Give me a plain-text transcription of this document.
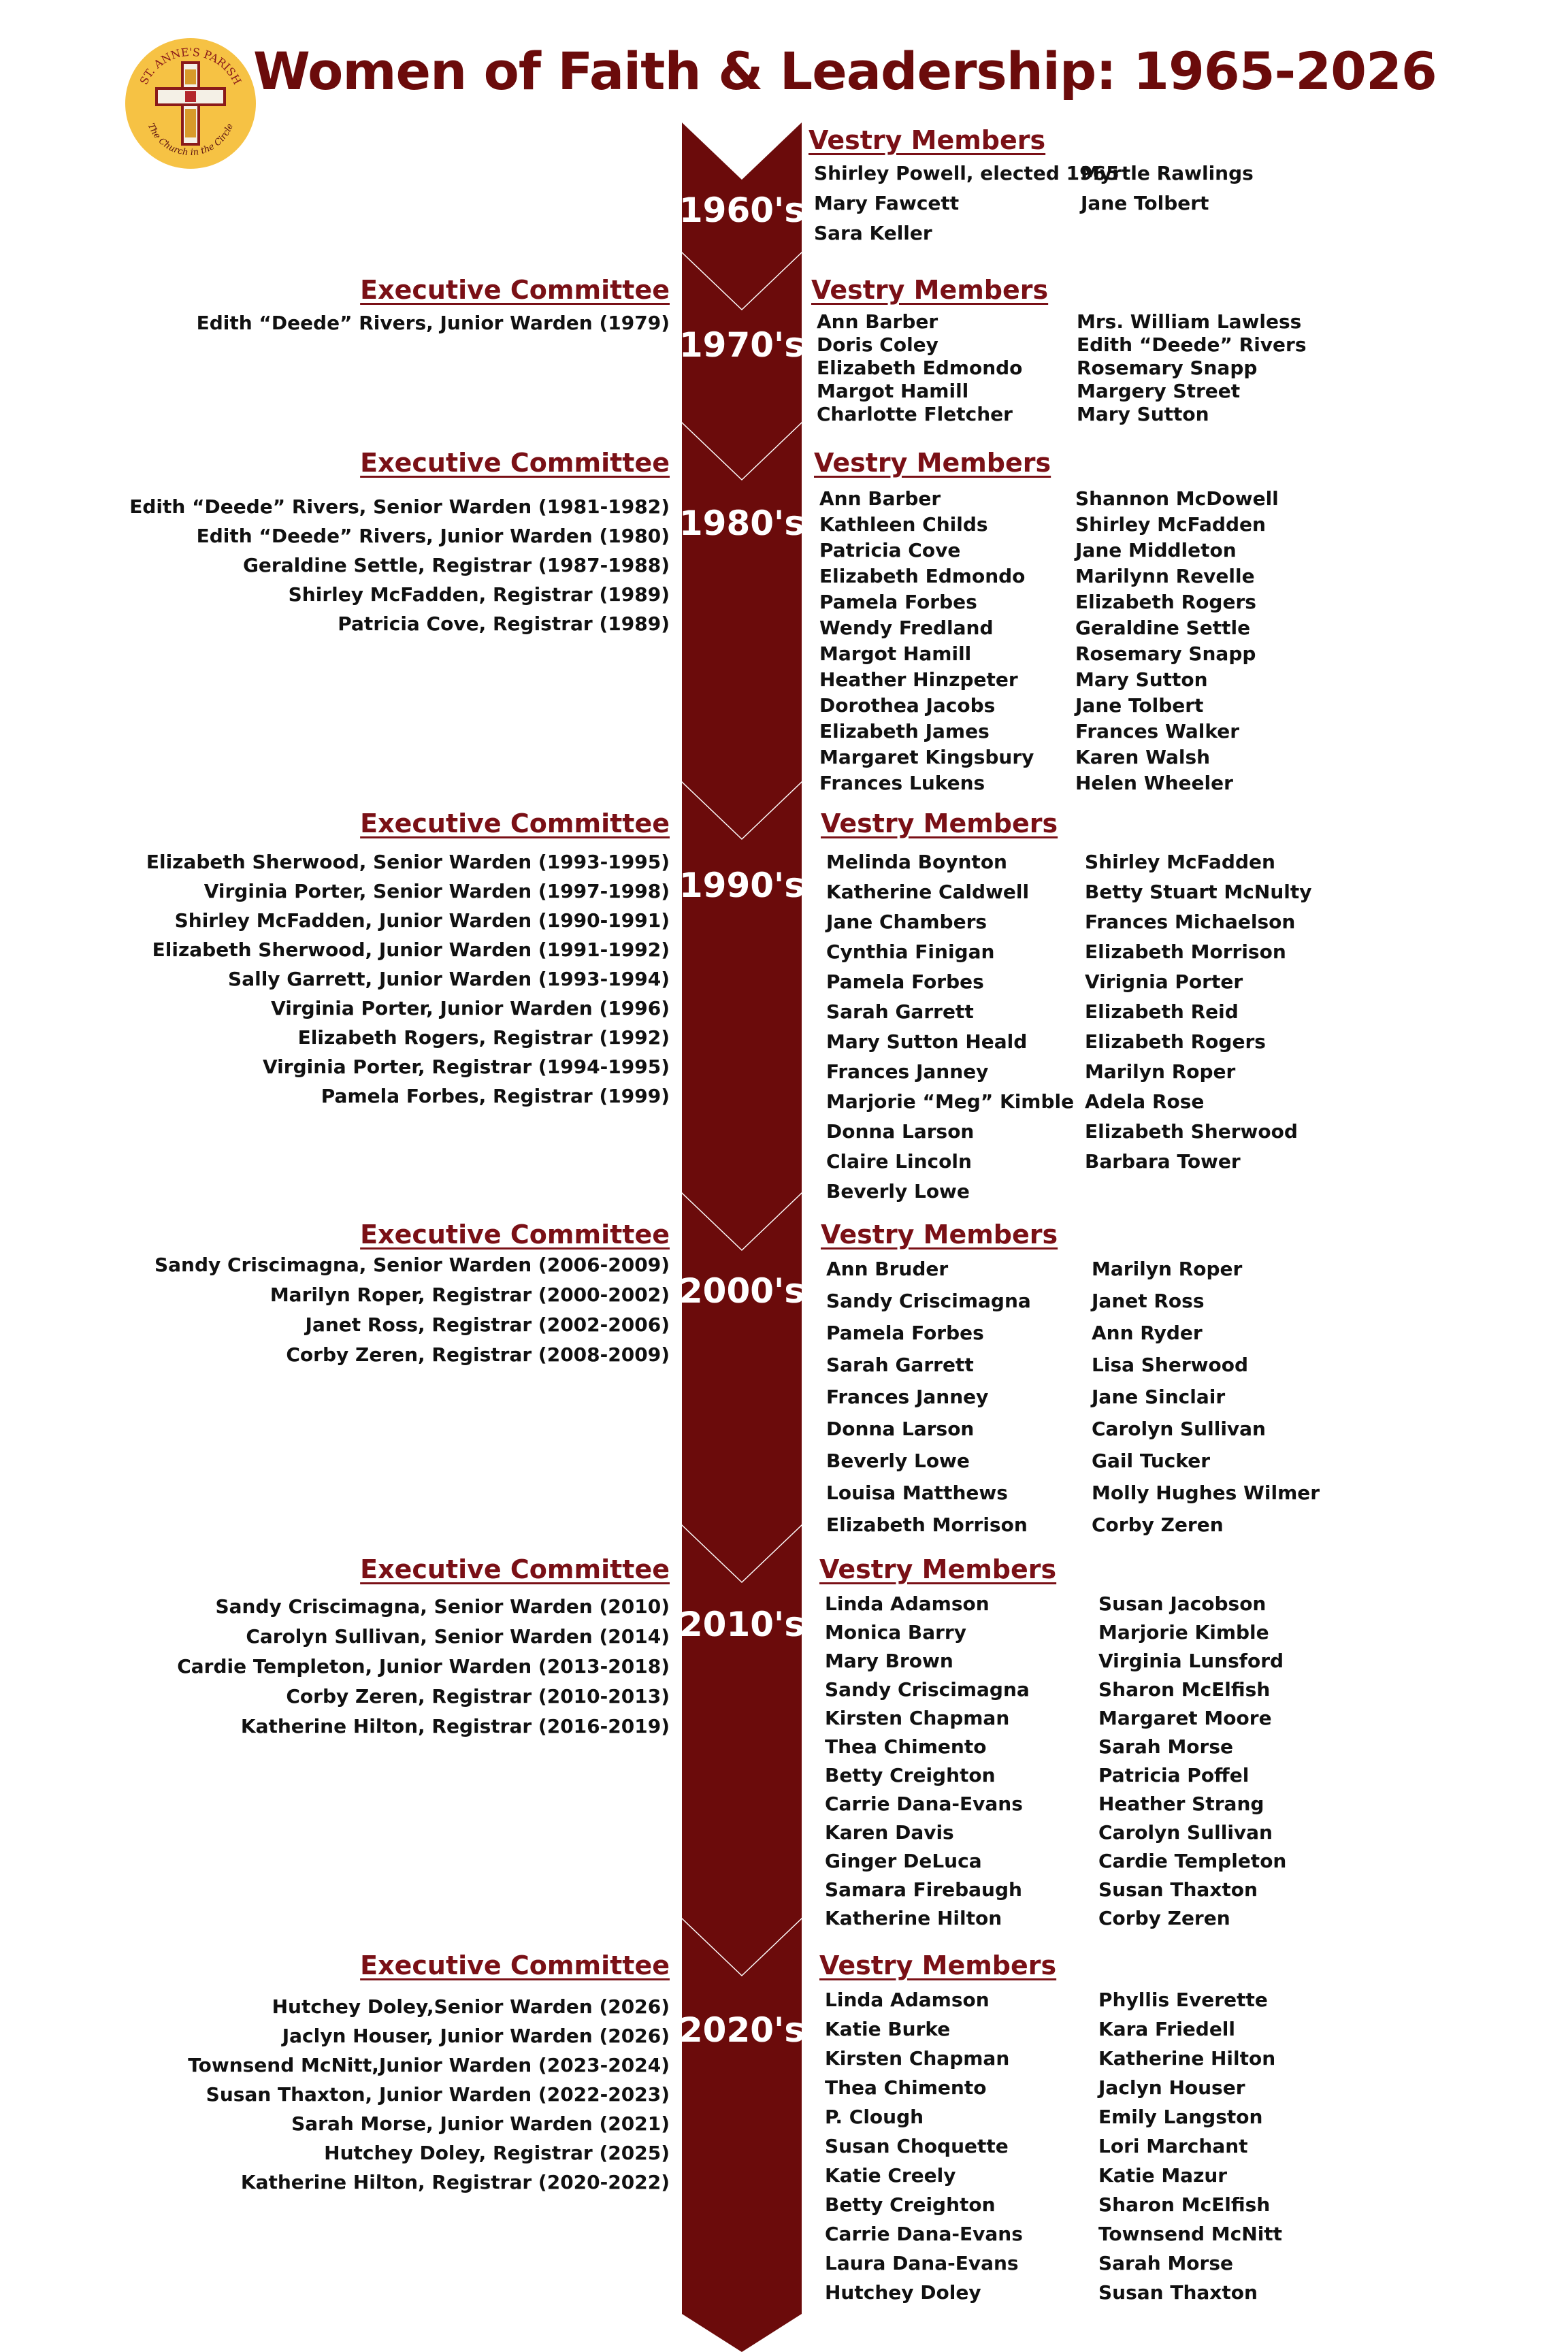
ST. ANNE'S PARISH
The Church in the Circle
Women of Faith & Leadership: 1965-2026
1960's
Vestry Members
Shirley Powell, elected 1965
Mary Fawcett
Sara Keller
Myrtle Rawlings
Jane Tolbert
1970's
Vestry Members
Executive Committee
Edith “Deede” Rivers, Junior Warden (1979)	Ann Barber
Doris Coley
Elizabeth Edmondo
Margot Hamill
Charlotte Fletcher
Mrs. William Lawless
Edith “Deede” Rivers
Rosemary Snapp
Margery Street
Mary Sutton
1980's
Vestry Members
Executive Committee
Edith “Deede” Rivers, Senior Warden (1981-1982)
Edith “Deede” Rivers, Junior Warden (1980)
Geraldine Settle, Registrar (1987-1988)
Shirley McFadden, Registrar (1989)
Patricia Cove, Registrar (1989)
Ann Barber
Kathleen Childs
Patricia Cove
Elizabeth Edmondo
Pamela Forbes
Wendy Fredland
Margot Hamill
Heather Hinzpeter
Dorothea Jacobs
Elizabeth James
Margaret Kingsbury
Frances Lukens
Shannon McDowell
Shirley McFadden
Jane Middleton
Marilynn Revelle
Elizabeth Rogers
Geraldine Settle
Rosemary Snapp
Mary Sutton
Jane Tolbert
Frances Walker
Karen Walsh
Helen Wheeler
1990's
Vestry Members
Executive Committee
Elizabeth Sherwood, Senior Warden (1993-1995)
Virginia Porter, Senior Warden (1997-1998)
Shirley McFadden, Junior Warden (1990-1991)
Elizabeth Sherwood, Junior Warden (1991-1992)
Sally Garrett, Junior Warden (1993-1994)
Virginia Porter, Junior Warden (1996)
Elizabeth Rogers, Registrar (1992)
Virginia Porter, Registrar (1994-1995)
Pamela Forbes, Registrar (1999)
Melinda Boynton
Katherine Caldwell
Jane Chambers
Cynthia Finigan
Pamela Forbes
Sarah Garrett
Mary Sutton Heald
Frances Janney
Marjorie “Meg” Kimble
Donna Larson
Claire Lincoln
Beverly Lowe
Shirley McFadden
Betty Stuart McNulty
Frances Michaelson
Elizabeth Morrison
Virignia Porter
Elizabeth Reid
Elizabeth Rogers
Marilyn Roper
Adela Rose
Elizabeth Sherwood
Barbara Tower
2000's
Vestry Members
Executive Committee
Sandy Criscimagna, Senior Warden (2006-2009)
Marilyn Roper, Registrar (2000-2002)
Janet Ross, Registrar (2002-2006)
Corby Zeren, Registrar (2008-2009)
Ann Bruder
Sandy Criscimagna
Pamela Forbes
Sarah Garrett
Frances Janney
Donna Larson
Beverly Lowe
Louisa Matthews
Elizabeth Morrison
Marilyn Roper
Janet Ross
Ann Ryder
Lisa Sherwood
Jane Sinclair
Carolyn Sullivan
Gail Tucker
Molly Hughes Wilmer
Corby Zeren
2010's
Vestry Members
Executive Committee
Sandy Criscimagna, Senior Warden (2010)
Carolyn Sullivan, Senior Warden (2014)
Cardie Templeton, Junior Warden (2013-2018)
Corby Zeren, Registrar (2010-2013)
Katherine Hilton, Registrar (2016-2019)
Linda Adamson
Monica Barry
Mary Brown
Sandy Criscimagna
Kirsten Chapman
Thea Chimento
Betty Creighton
Carrie Dana-Evans
Karen Davis
Ginger DeLuca
Samara Firebaugh
Katherine Hilton
Susan Jacobson
Marjorie Kimble
Virginia Lunsford
Sharon McElfish
Margaret Moore
Sarah Morse
Patricia Poffel
Heather Strang
Carolyn Sullivan
Cardie Templeton
Susan Thaxton
Corby Zeren
2020's
Vestry Members
Executive Committee
Hutchey Doley,Senior Warden (2026)
Jaclyn Houser, Junior Warden (2026)
Townsend McNitt,Junior Warden (2023-2024)
Susan Thaxton, Junior Warden (2022-2023)
Sarah Morse, Junior Warden (2021)
Hutchey Doley, Registrar (2025)
Katherine Hilton, Registrar (2020-2022)
Linda Adamson
Katie Burke
Kirsten Chapman
Thea Chimento
P. Clough
Susan Choquette
Katie Creely
Betty Creighton
Carrie Dana-Evans
Laura Dana-Evans
Hutchey Doley
Phyllis Everette
Kara Friedell
Katherine Hilton
Jaclyn Houser
Emily Langston
Lori Marchant
Katie Mazur
Sharon McElfish
Townsend McNitt
Sarah Morse
Susan Thaxton
